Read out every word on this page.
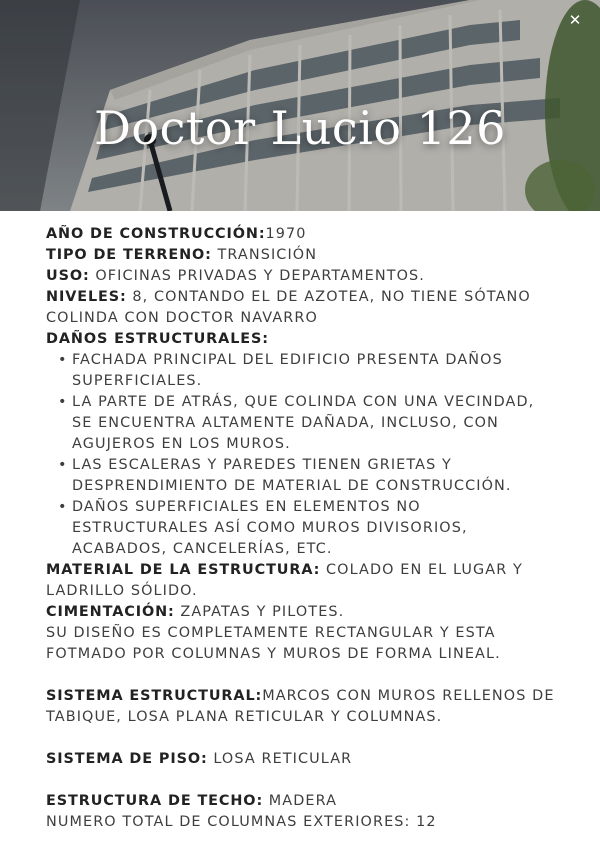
Doctor Lucio 126
✕

AÑO DE CONSTRUCCIÓN:1970

TIPO DE TERRENO: TRANSICIÓN

USO: OFICINAS PRIVADAS Y DEPARTAMENTOS.

NIVELES: 8, CONTANDO EL DE AZOTEA, NO TIENE SÓTANO

COLINDA CON DOCTOR NAVARRO

DAÑOS ESTRUCTURALES:

• FACHADA PRINCIPAL DEL EDIFICIO PRESENTA DAÑOS SUPERFICIALES.
• LA PARTE DE ATRÁS, QUE COLINDA CON UNA VECINDAD, SE ENCUENTRA ALTAMENTE DAÑADA, INCLUSO, CON AGUJEROS EN LOS MUROS.
• LAS ESCALERAS Y PAREDES TIENEN GRIETAS Y DESPRENDIMIENTO DE MATERIAL DE CONSTRUCCIÓN.
• DAÑOS SUPERFICIALES EN ELEMENTOS NO ESTRUCTURALES ASÍ COMO MUROS DIVISORIOS, ACABADOS, CANCELERÍAS, ETC.

MATERIAL DE LA ESTRUCTURA: COLADO EN EL LUGAR Y LADRILLO SÓLIDO.

CIMENTACIÓN: ZAPATAS Y PILOTES.

SU DISEÑO ES COMPLETAMENTE RECTANGULAR Y ESTA FOTMADO POR COLUMNAS Y MUROS DE FORMA LINEAL.

SISTEMA ESTRUCTURAL:MARCOS CON MUROS RELLENOS DE TABIQUE, LOSA PLANA RETICULAR Y COLUMNAS.

SISTEMA DE PISO: LOSA RETICULAR

ESTRUCTURA DE TECHO: MADERA

NUMERO TOTAL DE COLUMNAS EXTERIORES: 12
